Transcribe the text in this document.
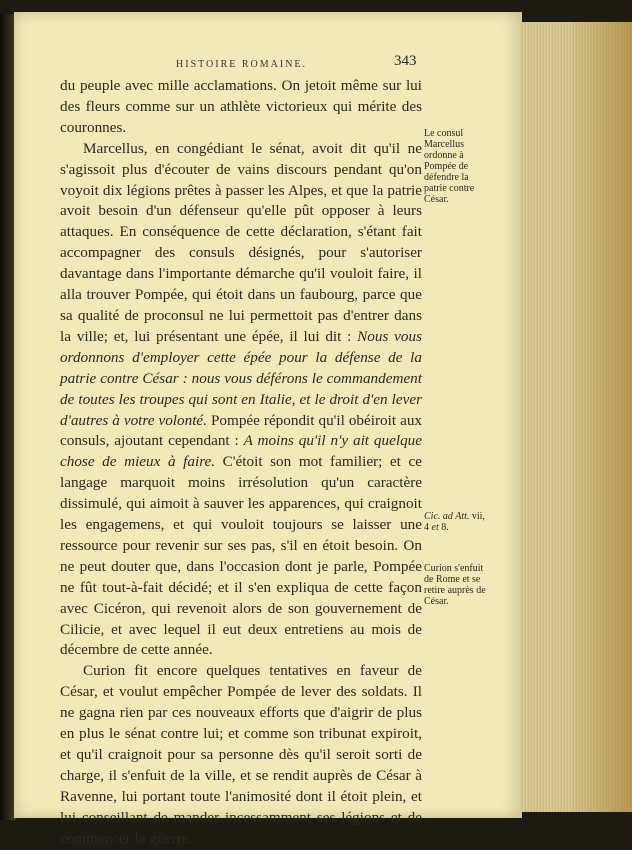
HISTOIRE ROMAINE.	343

du peuple avec mille acclamations. On jetoit même sur lui des fleurs comme sur un athlète victorieux qui mérite des couronnes.

Marcellus, en congédiant le sénat, avoit dit qu'il ne s'agissoit plus d'écouter de vains discours pendant qu'on voyoit dix légions prêtes à passer les Alpes, et que la patrie avoit besoin d'un défenseur qu'elle pût opposer à leurs attaques. En conséquence de cette déclaration, s'étant fait accompagner des consuls désignés, pour s'autoriser davantage dans l'importante démarche qu'il vouloit faire, il alla trouver Pompée, qui étoit dans un faubourg, parce que sa qualité de proconsul ne lui permettoit pas d'entrer dans la ville; et, lui présentant une épée, il lui dit : Nous vous ordonnons d'employer cette épée pour la défense de la patrie contre César : nous vous déférons le commandement de toutes les troupes qui sont en Italie, et le droit d'en lever d'autres à votre volonté. Pompée répondit qu'il obéiroit aux consuls, ajoutant cependant : A moins qu'il n'y ait quelque chose de mieux à faire. C'étoit son mot familier; et ce langage marquoit moins irrésolution qu'un caractère dissimulé, qui aimoit à sauver les apparences, qui craignoit les engagemens, et qui vouloit toujours se laisser une ressource pour revenir sur ses pas, s'il en étoit besoin. On ne peut douter que, dans l'occasion dont je parle, Pompée ne fût tout-à-fait décidé; et il s'en expliqua de cette façon avec Cicéron, qui revenoit alors de son gouvernement de Cilicie, et avec lequel il eut deux entretiens au mois de décembre de cette année.

Curion fit encore quelques tentatives en faveur de César, et voulut empêcher Pompée de lever des soldats. Il ne gagna rien par ces nouveaux efforts que d'aigrir de plus en plus le sénat contre lui; et comme son tribunat expiroit, et qu'il craignoit pour sa personne dès qu'il seroit sorti de charge, il s'enfuit de la ville, et se rendit auprès de César à Ravenne, lui portant toute l'animosité dont il étoit plein, et lui conseillant de mander incessamment ses légions et de commencer la guerre.

Le consul Marcellus ordonne à Pompée de défendre la patrie contre César.
Cic. ad Att. vii, 4 et 8.
Curion s'enfuit de Rome et se retire auprès de César.
